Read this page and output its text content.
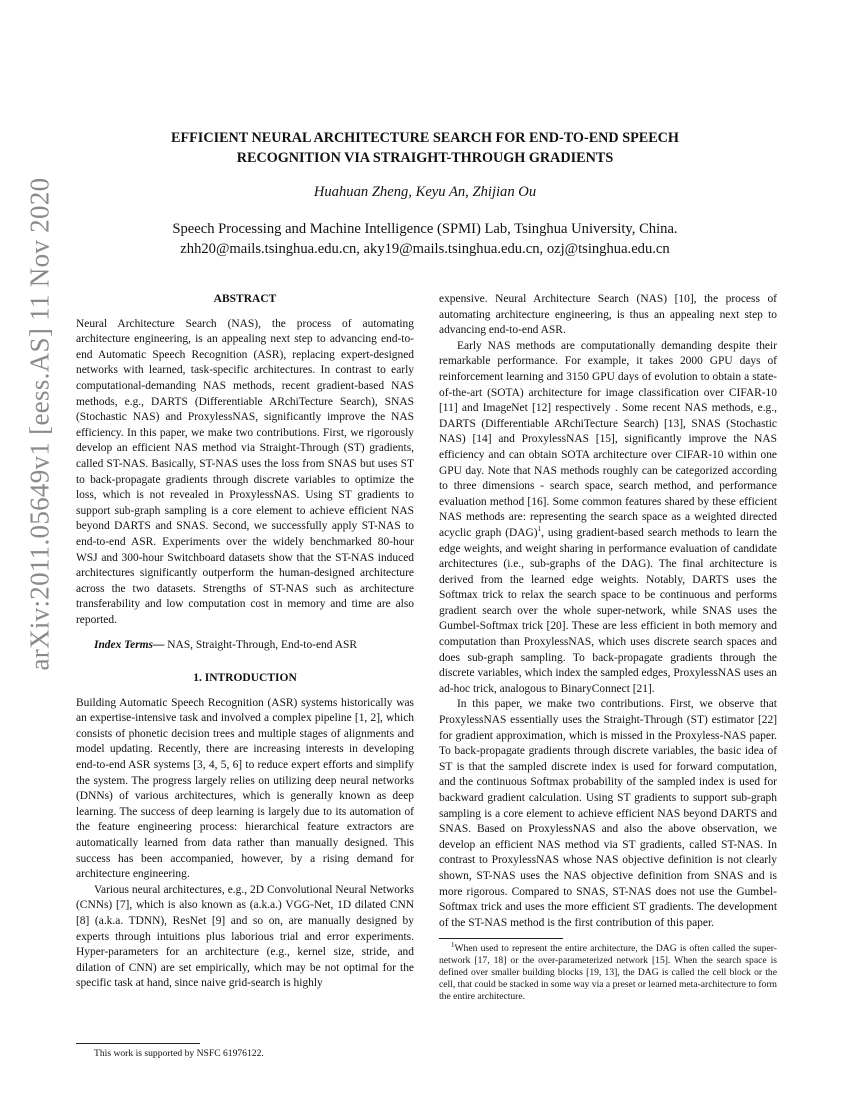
arXiv:2011.05649v1 [eess.AS] 11 Nov 2020
EFFICIENT NEURAL ARCHITECTURE SEARCH FOR END-TO-END SPEECH
RECOGNITION VIA STRAIGHT-THROUGH GRADIENTS
Huahuan Zheng, Keyu An, Zhijian Ou
Speech Processing and Machine Intelligence (SPMI) Lab, Tsinghua University, China.
zhh20@mails.tsinghua.edu.cn, aky19@mails.tsinghua.edu.cn, ozj@tsinghua.edu.cn
ABSTRACT

Neural Architecture Search (NAS), the process of automating architecture engineering, is an appealing next step to advancing end-to-end Automatic Speech Recognition (ASR), replacing expert-designed networks with learned, task-specific architectures. In contrast to early computational-demanding NAS methods, recent gradient-based NAS methods, e.g., DARTS (Differentiable ARchiTecture Search), SNAS (Stochastic NAS) and ProxylessNAS, significantly improve the NAS efficiency. In this paper, we make two contributions. First, we rigorously develop an efficient NAS method via Straight-Through (ST) gradients, called ST-NAS. Basically, ST-NAS uses the loss from SNAS but uses ST to back-propagate gradients through discrete variables to optimize the loss, which is not revealed in ProxylessNAS. Using ST gradients to support sub-graph sampling is a core element to achieve efficient NAS beyond DARTS and SNAS. Second, we successfully apply ST-NAS to end-to-end ASR. Experiments over the widely benchmarked 80-hour WSJ and 300-hour Switchboard datasets show that the ST-NAS induced architectures significantly outperform the human-designed architecture across the two datasets. Strengths of ST-NAS such as architecture transferability and low computation cost in memory and time are also reported.

Index Terms— NAS, Straight-Through, End-to-end ASR

1. INTRODUCTION

Building Automatic Speech Recognition (ASR) systems historically was an expertise-intensive task and involved a complex pipeline [1, 2], which consists of phonetic decision trees and multiple stages of alignments and model updating. Recently, there are increasing interests in developing end-to-end ASR systems [3, 4, 5, 6] to reduce expert efforts and simplify the system. The progress largely relies on utilizing deep neural networks (DNNs) of various architectures, which is generally known as deep learning. The success of deep learning is largely due to its automation of the feature engineering process: hierarchical feature extractors are automatically learned from data rather than manually designed. This success has been accompanied, however, by a rising demand for architecture engineering.

Various neural architectures, e.g., 2D Convolutional Neural Networks (CNNs) [7], which is also known as (a.k.a.) VGG-Net, 1D dilated CNN [8] (a.k.a. TDNN), ResNet [9] and so on, are manually designed by experts through intuitions plus laborious trial and error experiments. Hyper-parameters for an architecture (e.g., kernel size, stride, and dilation of CNN) are set empirically, which may be not optimal for the specific task at hand, since naive grid-search is highly

expensive. Neural Architecture Search (NAS) [10], the process of automating architecture engineering, is thus an appealing next step to advancing end-to-end ASR.

Early NAS methods are computationally demanding despite their remarkable performance. For example, it takes 2000 GPU days of reinforcement learning and 3150 GPU days of evolution to obtain a state-of-the-art (SOTA) architecture for image classification over CIFAR-10 [11] and ImageNet [12] respectively . Some recent NAS methods, e.g., DARTS (Differentiable ARchiTecture Search) [13], SNAS (Stochastic NAS) [14] and ProxylessNAS [15], significantly improve the NAS efficiency and can obtain SOTA architecture over CIFAR-10 within one GPU day. Note that NAS methods roughly can be categorized according to three dimensions - search space, search method, and performance evaluation method [16]. Some common features shared by these efficient NAS methods are: representing the search space as a weighted directed acyclic graph (DAG)$^1$, using gradient-based search methods to learn the edge weights, and weight sharing in performance evaluation of candidate architectures (i.e., sub-graphs of the DAG). The final architecture is derived from the learned edge weights. Notably, DARTS uses the Softmax trick to relax the search space to be continuous and performs gradient search over the whole super-network, while SNAS uses the Gumbel-Softmax trick [20]. These are less efficient in both memory and computation than ProxylessNAS, which uses discrete search spaces and does sub-graph sampling. To back-propagate gradients through the discrete variables, which index the sampled edges, ProxylessNAS uses an ad-hoc trick, analogous to BinaryConnect [21].

In this paper, we make two contributions. First, we observe that ProxylessNAS essentially uses the Straight-Through (ST) estimator [22] for gradient approximation, which is missed in the Proxyless-NAS paper. To back-propagate gradients through discrete variables, the basic idea of ST is that the sampled discrete index is used for forward computation, and the continuous Softmax probability of the sampled index is used for backward gradient calculation. Using ST gradients to support sub-graph sampling is a core element to achieve efficient NAS beyond DARTS and SNAS. Based on ProxylessNAS and also the above observation, we develop an efficient NAS method via ST gradients, called ST-NAS. In contrast to ProxylessNAS whose NAS objective definition is not clearly shown, ST-NAS uses the NAS objective definition from SNAS and is more rigorous. Compared to SNAS, ST-NAS does not use the Gumbel-Softmax trick and uses the more efficient ST gradients. The development of the ST-NAS method is the first contribution of this paper.

$^1$When used to represent the entire architecture, the DAG is often called the super-network [17, 18] or the over-parameterized network [15]. When the search space is defined over smaller building blocks [19, 13], the DAG is called the cell block or the cell, that could be stacked in some way via a preset or learned meta-architecture to form the entire architecture.

This work is supported by NSFC 61976122.
